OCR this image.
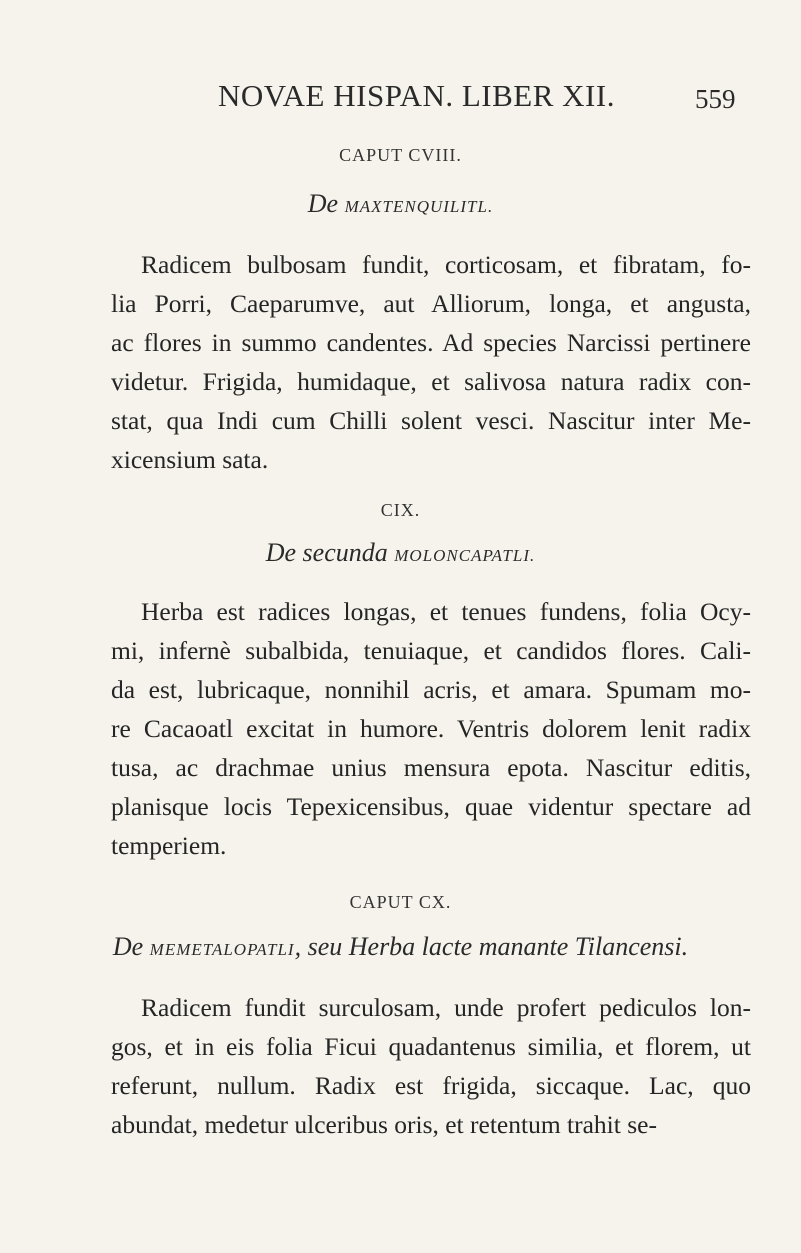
NOVAE HISPAN. LIBER XII.	559
CAPUT CVIII.
De MAXTENQUILITL.
Radicem bulbosam fundit, corticosam, et fibratam, fo-
lia Porri, Caeparumve, aut Alliorum, longa, et angusta,
ac flores in summo candentes. Ad species Narcissi pertinere
videtur. Frigida, humidaque, et salivosa natura radix con-
stat, qua Indi cum Chilli solent vesci. Nascitur inter Me-
xicensium sata.
CIX.
De secunda MOLONCAPATLI.
Herba est radices longas, et tenues fundens, folia Ocy-
mi, infernè subalbida, tenuiaque, et candidos flores. Cali-
da est, lubricaque, nonnihil acris, et amara. Spumam mo-
re Cacaoatl excitat in humore. Ventris dolorem lenit radix
tusa, ac drachmae unius mensura epota. Nascitur editis,
planisque locis Tepexicensibus, quae videntur spectare ad
temperiem.
CAPUT CX.
De MEMETALOPATLI, seu Herba lacte manante Tilancensi.
Radicem fundit surculosam, unde profert pediculos lon-
gos, et in eis folia Ficui quadantenus similia, et florem, ut
referunt, nullum. Radix est frigida, siccaque. Lac, quo
abundat, medetur ulceribus oris, et retentum trahit se-
